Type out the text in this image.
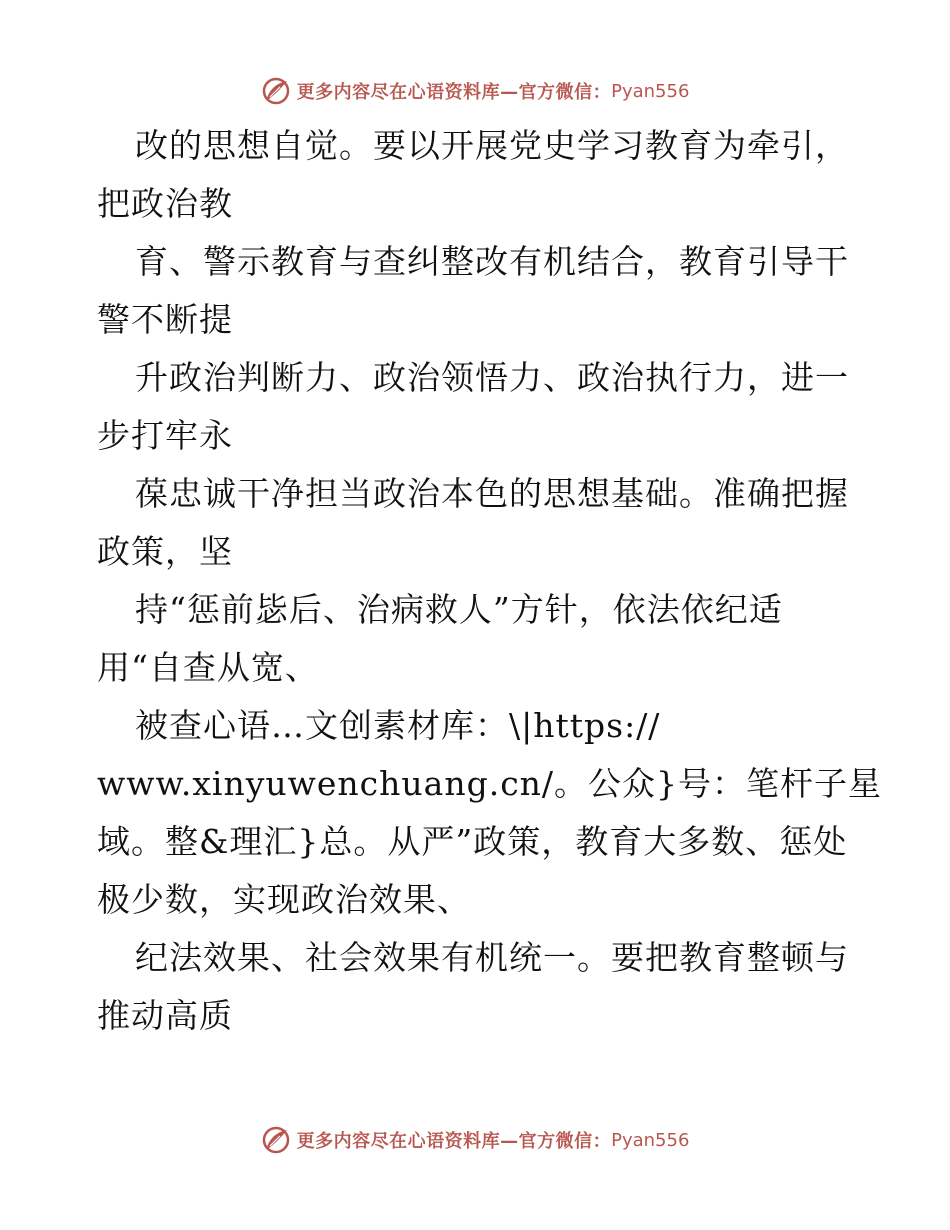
更多内容尽在心语资料库—官方微信： Pyan556
改的思想自觉。要以开展党史学习教育为牵引，
把政治教
育、警示教育与查纠整改有机结合，教育引导干
警不断提
升政治判断力、政治领悟力、政治执行力，进一
步打牢永
葆忠诚干净担当政治本色的思想基础。准确把握
政策，坚
持“惩前毖后、治病救人”方针，依法依纪适
用“自查从宽、
被查心语…文创素材库：\|https://
www.xinyuwenchuang.cn/。公众}号：笔杆子星
域。整&理汇}总。从严”政策，教育大多数、惩处
极少数，实现政治效果、
纪法效果、社会效果有机统一。要把教育整顿与
推动高质
更多内容尽在心语资料库—官方微信： Pyan556
